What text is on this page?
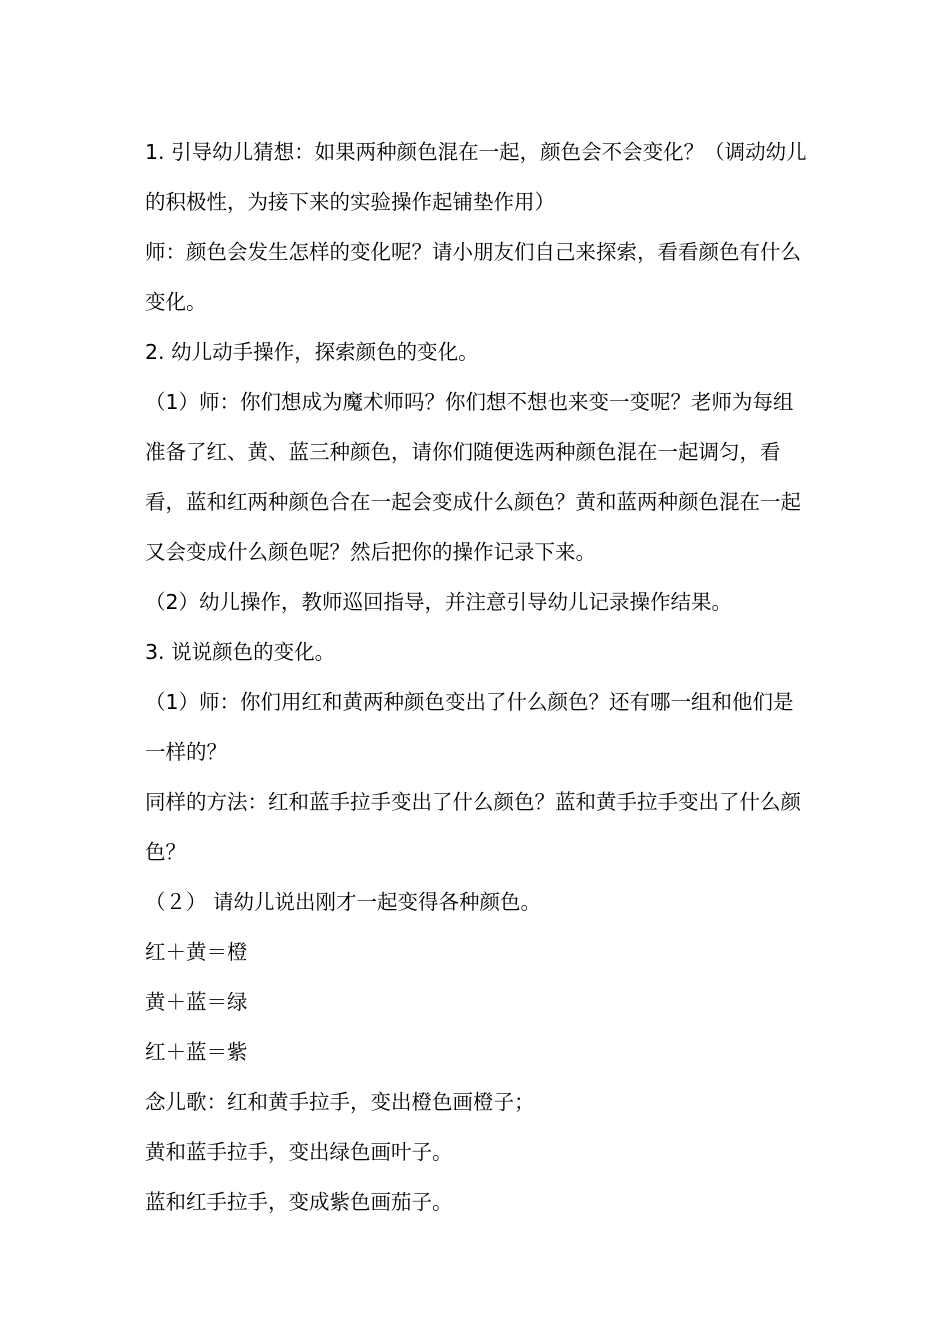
1. 引导幼儿猜想：如果两种颜色混在一起，颜色会不会变化？（调动幼儿的积极性，为接下来的实验操作起铺垫作用）

师：颜色会发生怎样的变化呢？请小朋友们自己来探索，看看颜色有什么变化。

2. 幼儿动手操作，探索颜色的变化。

（1）师：你们想成为魔术师吗？你们想不想也来变一变呢？老师为每组准备了红、黄、蓝三种颜色，请你们随便选两种颜色混在一起调匀，看看，蓝和红两种颜色合在一起会变成什么颜色？黄和蓝两种颜色混在一起又会变成什么颜色呢？然后把你的操作记录下来。

（2）幼儿操作，教师巡回指导，并注意引导幼儿记录操作结果。

3. 说说颜色的变化。

（1）师：你们用红和黄两种颜色变出了什么颜色？还有哪一组和他们是一样的？

同样的方法：红和蓝手拉手变出了什么颜色？蓝和黄手拉手变出了什么颜色？

（２） 请幼儿说出刚才一起变得各种颜色。

红＋黄＝橙

黄＋蓝＝绿

红＋蓝＝紫

念儿歌：红和黄手拉手，变出橙色画橙子；

黄和蓝手拉手，变出绿色画叶子。

蓝和红手拉手，变成紫色画茄子。
